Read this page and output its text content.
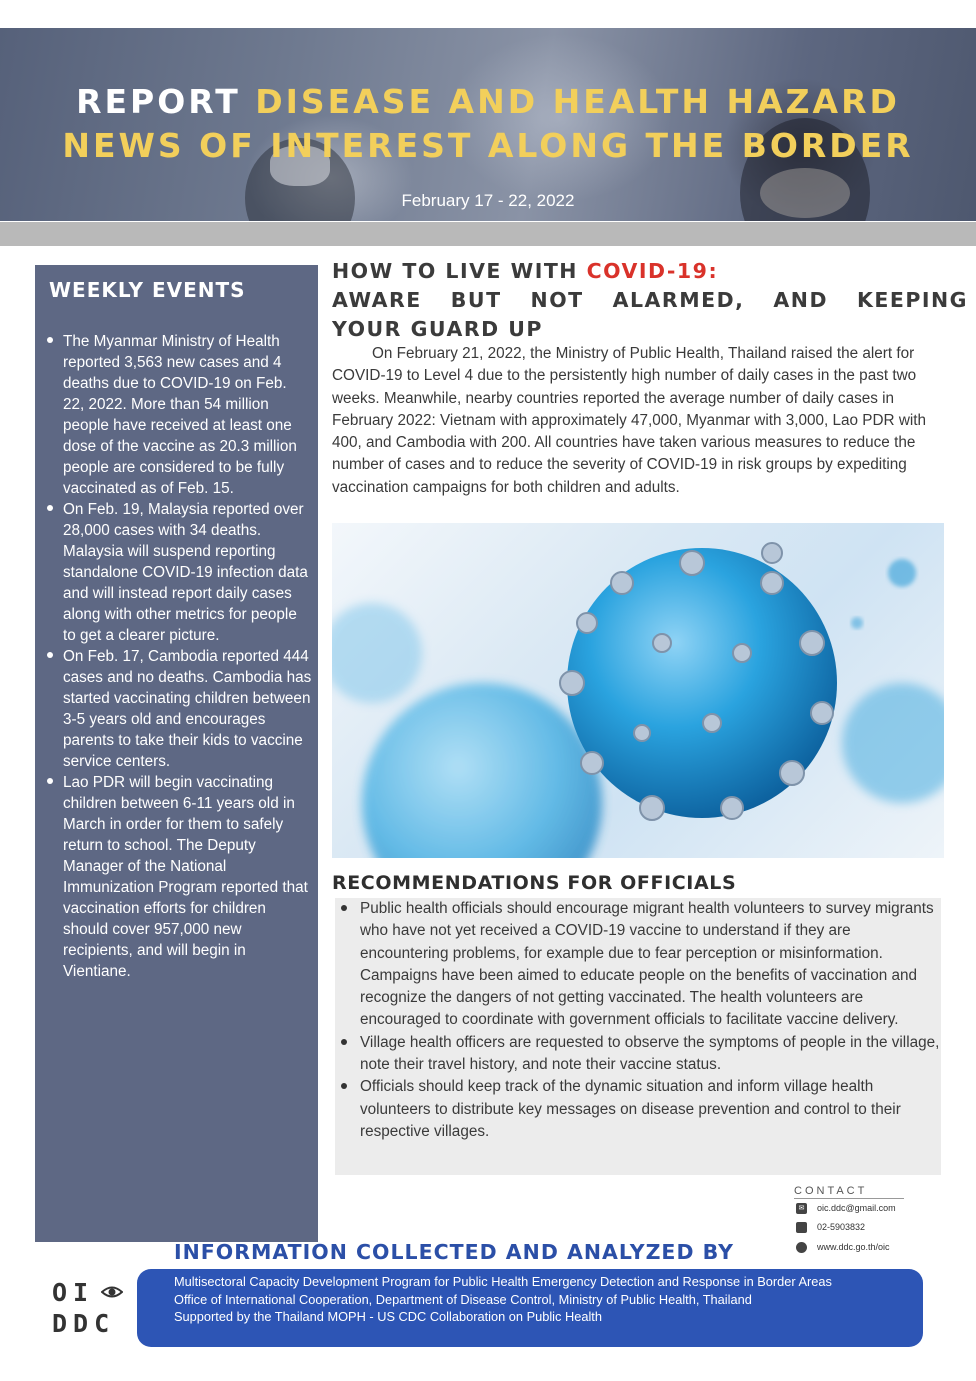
REPORT DISEASE AND HEALTH HAZARD
NEWS OF INTEREST ALONG THE BORDER
February 17 - 22, 2022
WEEKLY EVENTS
The Myanmar Ministry of Health reported 3,563 new cases and 4 deaths due to COVID-19 on Feb. 22, 2022. More than 54 million people have received at least one dose of the vaccine as 20.3 million people are considered to be fully vaccinated as of Feb. 15.
On Feb. 19, Malaysia reported over 28,000 cases with 34 deaths. Malaysia will suspend reporting standalone COVID-19 infection data and will instead report daily cases along with other metrics for people to get a clearer picture.
On Feb. 17, Cambodia reported 444 cases and no deaths. Cambodia has started vaccinating children between 3-5 years old and encourages parents to take their kids to vaccine service centers.
Lao PDR will begin vaccinating children between 6-11 years old in March in order for them to safely return to school. The Deputy Manager of the National Immunization Program reported that vaccination efforts for children should cover 957,000 new recipients, and will begin in Vientiane.
HOW TO LIVE WITH COVID-19:
AWARE BUT NOT ALARMED, AND KEEPING
YOUR GUARD UP

On February 21, 2022, the Ministry of Public Health, Thailand raised the alert for COVID-19 to Level 4 due to the persistently high number of daily cases in the past two weeks. Meanwhile, nearby countries reported the average number of daily cases in February 2022: Vietnam with approximately 47,000, Myanmar with 3,000, Lao PDR with 400, and Cambodia with 200. All countries have taken various measures to reduce the number of cases and to reduce the severity of COVID-19 in risk groups by expediting vaccination campaigns for both children and adults.

RECOMMENDATIONS FOR OFFICIALS
Public health officials should encourage migrant health volunteers to survey migrants who have not yet received a COVID-19 vaccine to understand if they are encountering problems, for example due to fear perception or misinformation. Campaigns have been aimed to educate people on the benefits of vaccination and recognize the dangers of not getting vaccinated. The health volunteers are encouraged to coordinate with government officials to facilitate vaccine delivery.
Village health officers are requested to observe the symptoms of people in the village, note their travel history, and note their vaccine status.
Officials should keep track of the dynamic situation and inform village health volunteers to distribute key messages on disease prevention and control to their respective villages.
CONTACT
✉ oic.ddc@gmail.com
02-5903832
www.ddc.go.th/oic
INFORMATION COLLECTED AND ANALYZED BY
OI
DDC
Multisectoral Capacity Development Program for Public Health Emergency Detection and Response in Border Areas
Office of International Cooperation, Department of Disease Control, Ministry of Public Health, Thailand
Supported by the Thailand MOPH - US CDC Collaboration on Public Health
